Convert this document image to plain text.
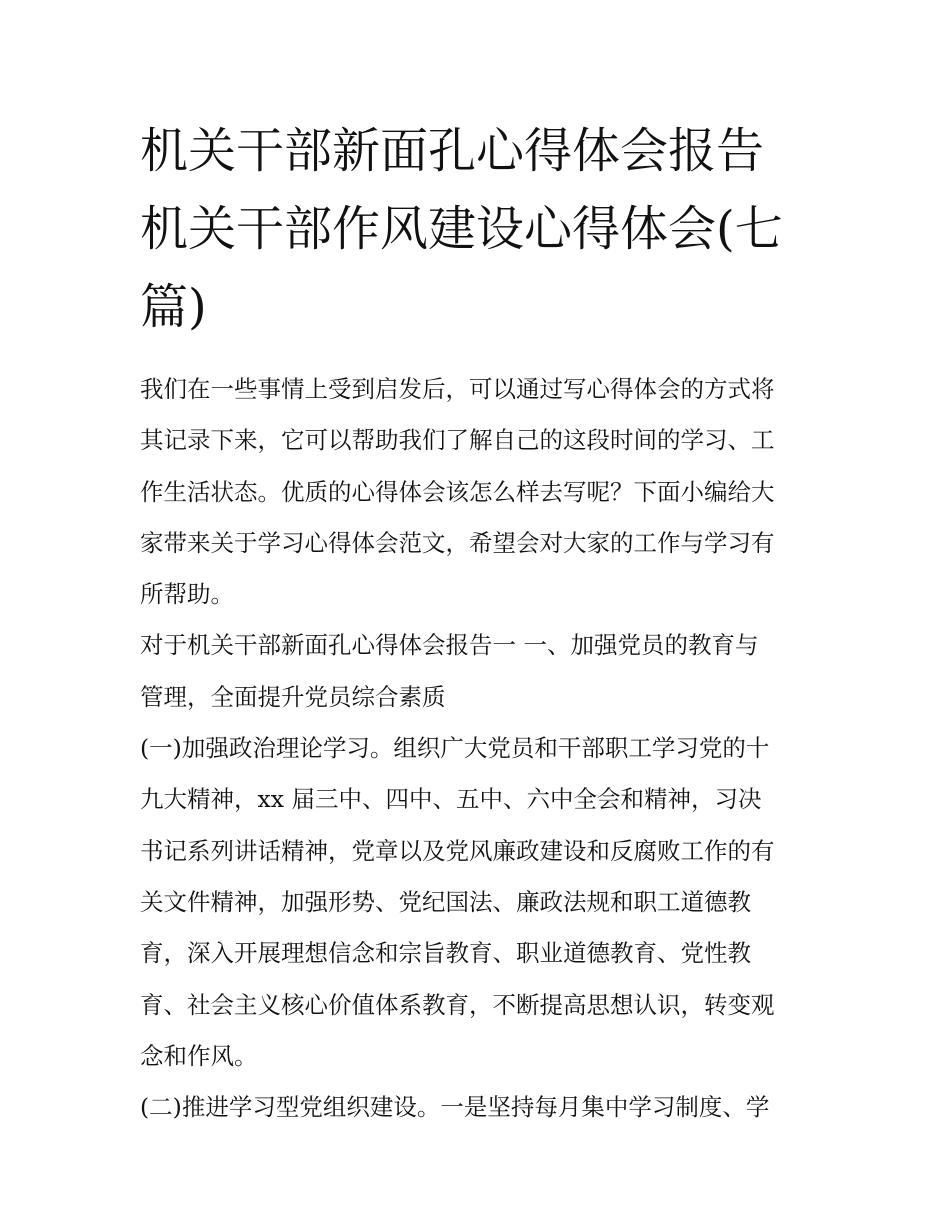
机关干部新面孔心得体会报告
机关干部作风建设心得体会(七
篇)

我们在一些事情上受到启发后，可以通过写心得体会的方式将
其记录下来，它可以帮助我们了解自己的这段时间的学习、工
作生活状态。优质的心得体会该怎么样去写呢？下面小编给大
家带来关于学习心得体会范文，希望会对大家的工作与学习有
所帮助。

对于机关干部新面孔心得体会报告一 一、加强党员的教育与
管理，全面提升党员综合素质

(一)加强政治理论学习。组织广大党员和干部职工学习党的十
九大精神，xx 届三中、四中、五中、六中全会和精神，习决
书记系列讲话精神，党章以及党风廉政建设和反腐败工作的有
关文件精神，加强形势、党纪国法、廉政法规和职工道德教
育，深入开展理想信念和宗旨教育、职业道德教育、党性教
育、社会主义核心价值体系教育，不断提高思想认识，转变观
念和作风。

(二)推进学习型党组织建设。一是坚持每月集中学习制度、学
